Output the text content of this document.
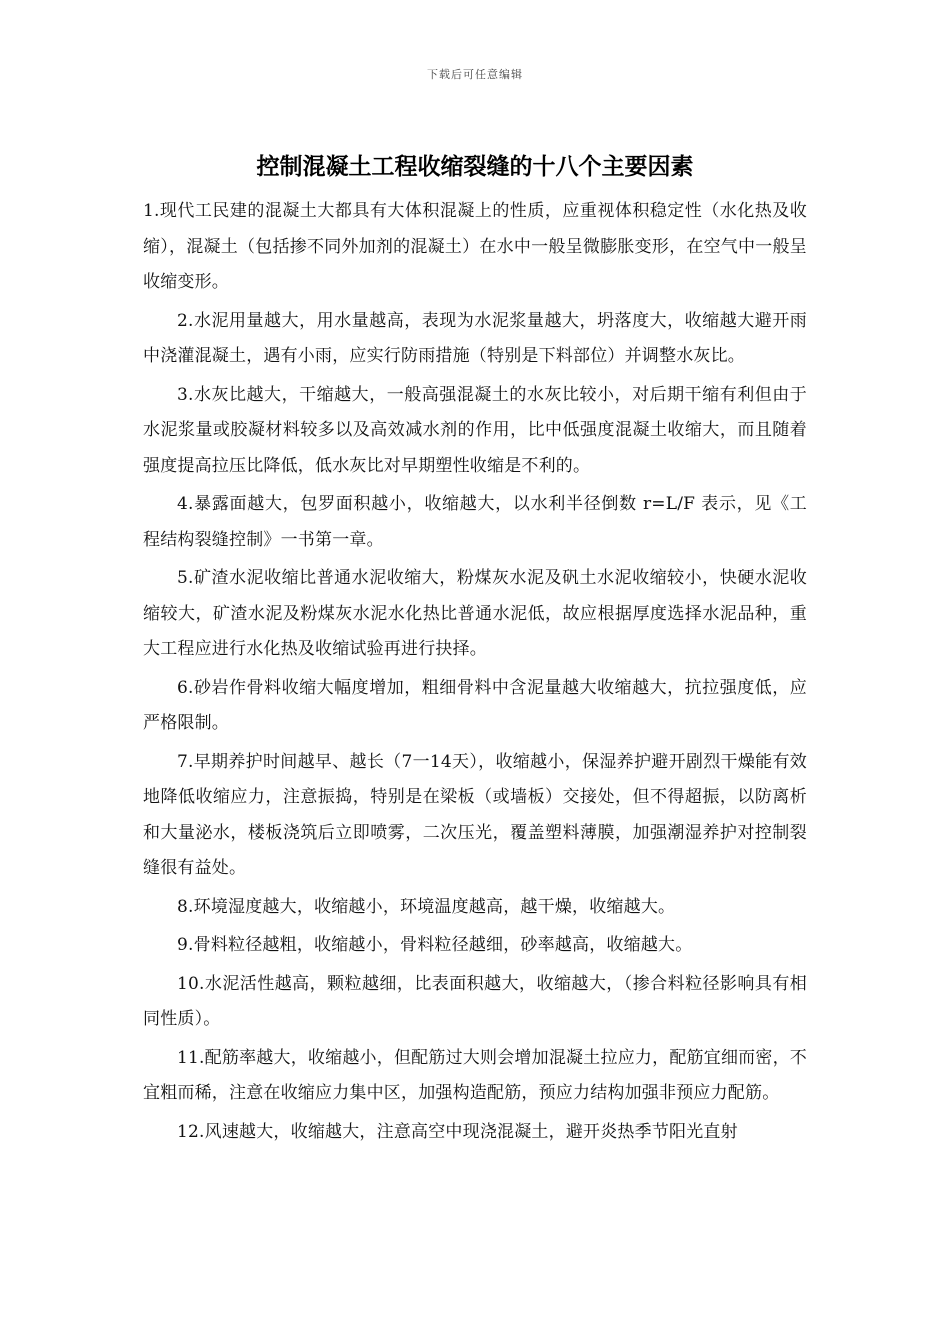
下载后可任意编辑
控制混凝土工程收缩裂缝的十八个主要因素

1.现代工民建的混凝土大都具有大体积混凝上的性质，应重视体积稳定性（水化热及收缩），混凝土（包括掺不同外加剂的混凝土）在水中一般呈微膨胀变形，在空气中一般呈收缩变形。

2.水泥用量越大，用水量越高，表现为水泥浆量越大，坍落度大，收缩越大避开雨中浇灌混凝土，遇有小雨，应实行防雨措施（特别是下料部位）并调整水灰比。

3.水灰比越大，干缩越大，一般高强混凝土的水灰比较小，对后期干缩有利但由于水泥浆量或胶凝材料较多以及高效减水剂的作用，比中低强度混凝土收缩大，而且随着强度提高拉压比降低，低水灰比对早期塑性收缩是不利的。

4.暴露面越大，包罗面积越小，收缩越大，以水利半径倒数 r=L/F 表示，见《工程结构裂缝控制》一书第一章。

5.矿渣水泥收缩比普通水泥收缩大，粉煤灰水泥及矾土水泥收缩较小，快硬水泥收缩较大，矿渣水泥及粉煤灰水泥水化热比普通水泥低，故应根据厚度选择水泥品种，重大工程应进行水化热及收缩试验再进行抉择。

6.砂岩作骨料收缩大幅度增加，粗细骨料中含泥量越大收缩越大，抗拉强度低，应严格限制。

7.早期养护时间越早、越长（7一14天），收缩越小，保湿养护避开剧烈干燥能有效地降低收缩应力，注意振捣，特别是在梁板（或墙板）交接处，但不得超振，以防离析和大量泌水，楼板浇筑后立即喷雾，二次压光，覆盖塑料薄膜，加强潮湿养护对控制裂缝很有益处。

8.环境湿度越大，收缩越小，环境温度越高，越干燥，收缩越大。

9.骨料粒径越粗，收缩越小，骨料粒径越细，砂率越高，收缩越大。

10.水泥活性越高，颗粒越细，比表面积越大，收缩越大，（掺合料粒径影响具有相同性质）。

11.配筋率越大，收缩越小，但配筋过大则会增加混凝土拉应力，配筋宜细而密，不宜粗而稀，注意在收缩应力集中区，加强构造配筋，预应力结构加强非预应力配筋。

12.风速越大，收缩越大，注意高空中现浇混凝土，避开炎热季节阳光直射
